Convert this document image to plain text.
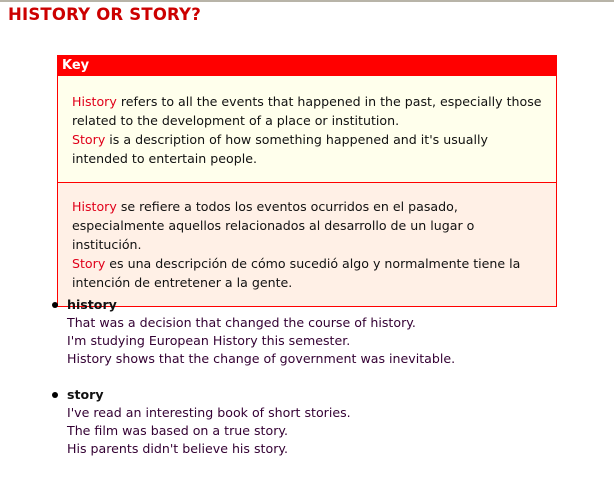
HISTORY OR STORY?
Key
History refers to all the events that happened in the past, especially those related to the development of a place or institution.
Story is a description of how something happened and it's usually intended to entertain people.
History se refiere a todos los eventos ocurridos en el pasado, especialmente aquellos relacionados al desarrollo de un lugar o institución.
Story es una descripción de cómo sucedió algo y normalmente tiene la intención de entretener a la gente.
history
That was a decision that changed the course of history.
I'm studying European History this semester.
History shows that the change of government was inevitable.
story
I've read an interesting book of short stories.
The film was based on a true story.
His parents didn't believe his story.
